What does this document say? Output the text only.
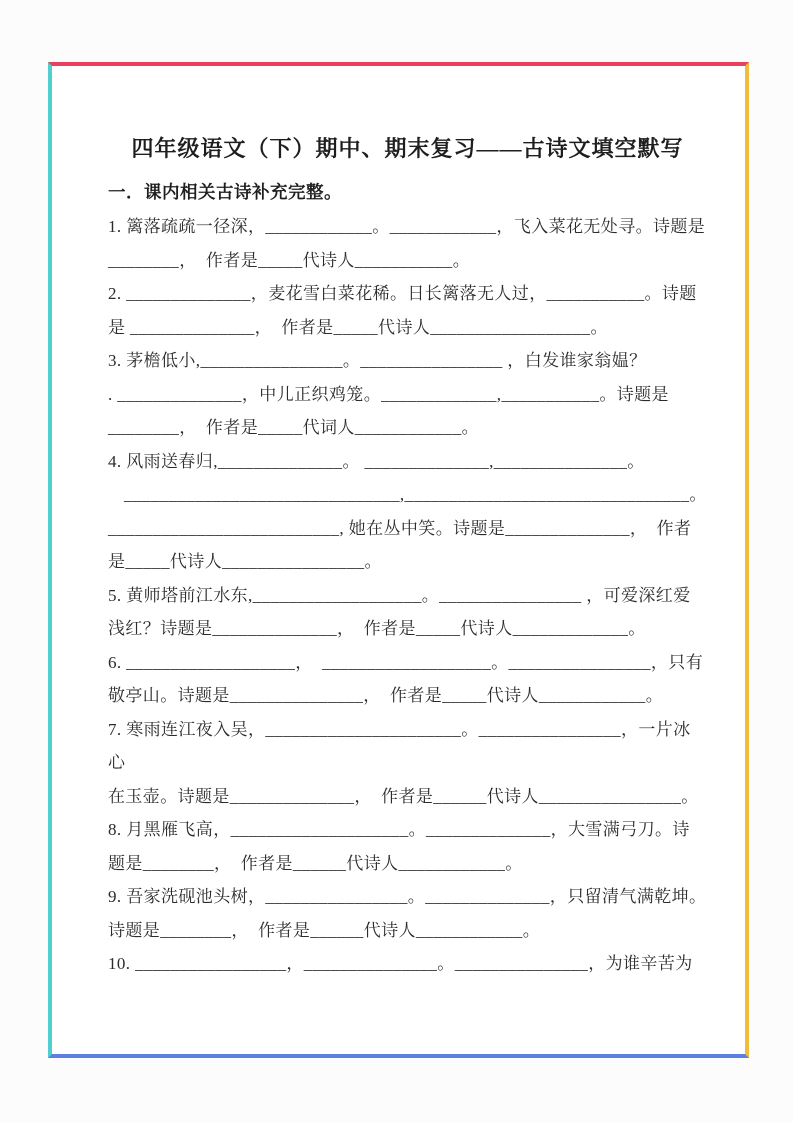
四年级语文（下）期中、期末复习——古诗文填空默写
一．课内相关古诗补充完整。
1. 篱落疏疏一径深，____________。____________，飞入菜花无处寻。诗题是
________，  作者是_____代诗人___________。
2. ______________，麦花雪白菜花稀。日长篱落无人过，___________。诗题
是 ______________，  作者是_____代诗人__________________。
3. 茅檐低小,________________。________________ ，白发谁家翁媪？
. ______________，中儿正织鸡笼。_____________,___________。诗题是
________，  作者是_____代词人____________。
4. 风雨送春归,______________。 ______________,_______________。
_______________________________,________________________________。
__________________________, 她在丛中笑。诗题是______________，  作者
是_____代诗人________________。
5. 黄师塔前江水东,___________________。________________ ，可爱深红爱
浅红？诗题是______________，  作者是_____代诗人_____________。
6. ___________________，  ___________________。________________，只有
敬亭山。诗题是_______________，  作者是_____代诗人____________。
7. 寒雨连江夜入吴，______________________。________________，一片冰心
在玉壶。诗题是______________，  作者是______代诗人________________。
8. 月黑雁飞高，____________________。______________，大雪满弓刀。诗
题是________，  作者是______代诗人____________。
9. 吾家洗砚池头树，________________。______________，只留清气满乾坤。
诗题是________，  作者是______代诗人____________。
10. _________________，_______________。_______________，为谁辛苦为
